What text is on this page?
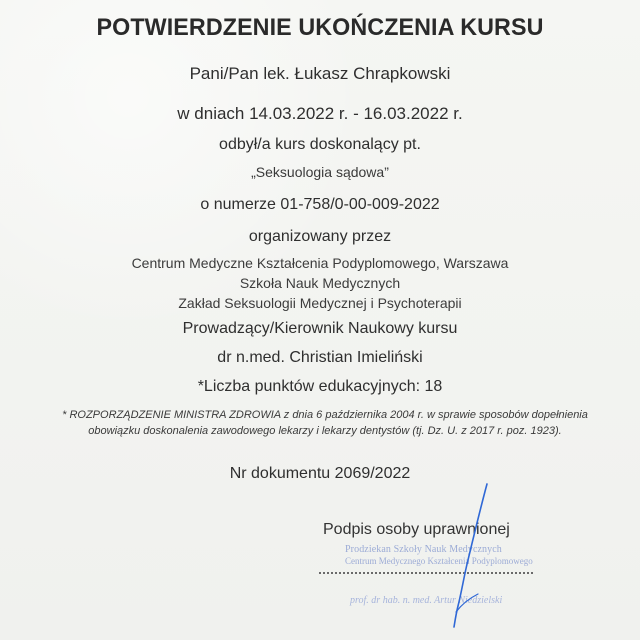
POTWIERDZENIE UKOŃCZENIA KURSU
Pani/Pan lek. Łukasz Chrapkowski
w dniach 14.03.2022 r. - 16.03.2022 r.
odbył/a kurs doskonalący pt.
„Seksuologia sądowa”
o numerze 01-758/0-00-009-2022
organizowany przez
Centrum Medyczne Kształcenia Podyplomowego, Warszawa
Szkoła Nauk Medycznych
Zakład Seksuologii Medycznej i Psychoterapii
Prowadzący/Kierownik Naukowy kursu
dr n.med. Christian Imieliński
*Liczba punktów edukacyjnych: 18
* ROZPORZĄDZENIE MINISTRA ZDROWIA z dnia 6 października 2004 r. w sprawie sposobów dopełnienia obowiązku doskonalenia zawodowego lekarzy i lekarzy dentystów (tj. Dz. U. z 2017 r. poz. 1923).
Nr dokumentu 2069/2022
Podpis osoby uprawnionej
Prodziekan Szkoły Nauk Medycznych
Centrum Medycznego Kształcenia Podyplomowego
prof. dr hab. n. med. Artur Niedzielski
